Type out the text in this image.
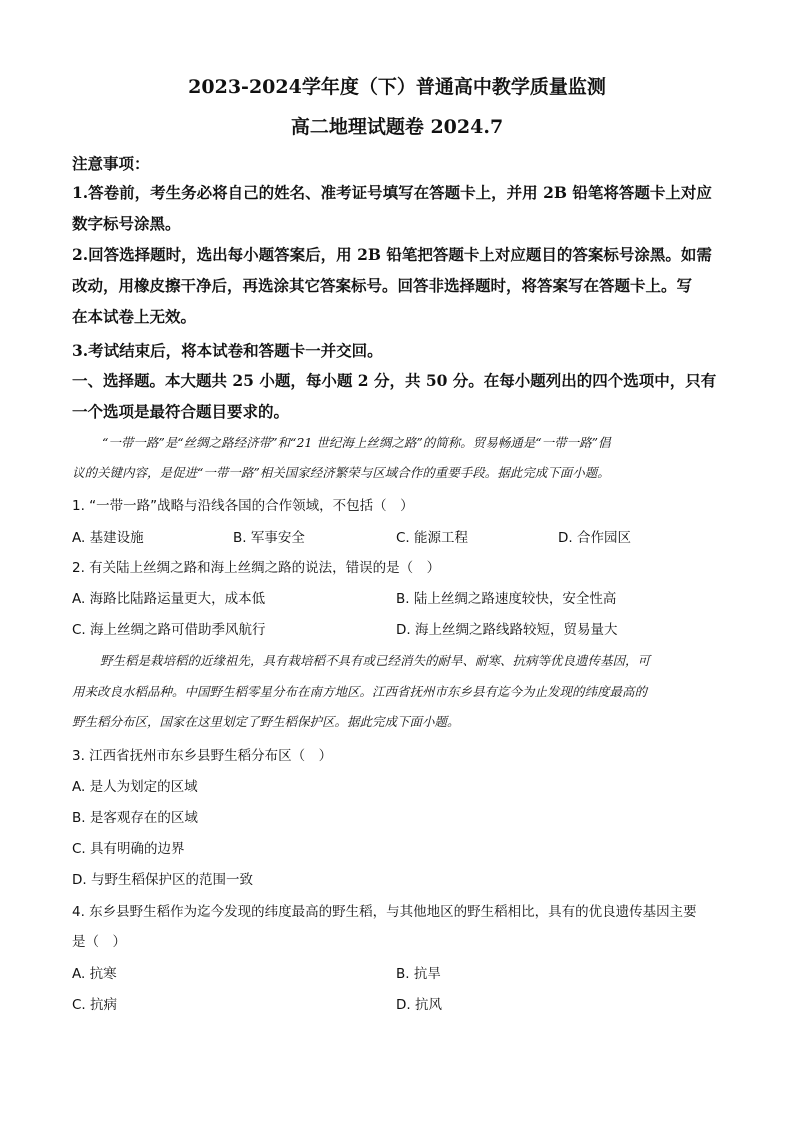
2023-2024学年度（下）普通高中教学质量监测
高二地理试题卷 2024.7
注意事项：
1.答卷前，考生务必将自己的姓名、准考证号填写在答题卡上，并用 2B 铅笔将答题卡上对应
数字标号涂黑。
2.回答选择题时，选出每小题答案后，用 2B 铅笔把答题卡上对应题目的答案标号涂黑。如需
改动，用橡皮擦干净后，再选涂其它答案标号。回答非选择题时，将答案写在答题卡上。写
在本试卷上无效。
3.考试结束后，将本试卷和答题卡一并交回。
一、选择题。本大题共 25 小题，每小题 2 分，共 50 分。在每小题列出的四个选项中，只有
一个选项是最符合题目要求的。
“一带一路”是“丝绸之路经济带”和“21 世纪海上丝绸之路”的简称。贸易畅通是“一带一路”倡
议的关键内容，是促进“一带一路”相关国家经济繁荣与区域合作的重要手段。据此完成下面小题。
1. “一带一路”战略与沿线各国的合作领域，不包括（　）
A. 基建设施	B. 军事安全	C. 能源工程	D. 合作园区
2. 有关陆上丝绸之路和海上丝绸之路的说法，错误的是（　）
A. 海路比陆路运量更大，成本低	B. 陆上丝绸之路速度较快，安全性高
C. 海上丝绸之路可借助季风航行	D. 海上丝绸之路线路较短，贸易量大
野生稻是栽培稻的近缘祖先，具有栽培稻不具有或已经消失的耐旱、耐寒、抗病等优良遗传基因，可
用来改良水稻品种。中国野生稻零星分布在南方地区。江西省抚州市东乡县有迄今为止发现的纬度最高的
野生稻分布区，国家在这里划定了野生稻保护区。据此完成下面小题。
3. 江西省抚州市东乡县野生稻分布区（　）
A. 是人为划定的区域
B. 是客观存在的区域
C. 具有明确的边界
D. 与野生稻保护区的范围一致
4. 东乡县野生稻作为迄今发现的纬度最高的野生稻，与其他地区的野生稻相比，具有的优良遗传基因主要
是（　）
A. 抗寒	B. 抗旱
C. 抗病	D. 抗风
